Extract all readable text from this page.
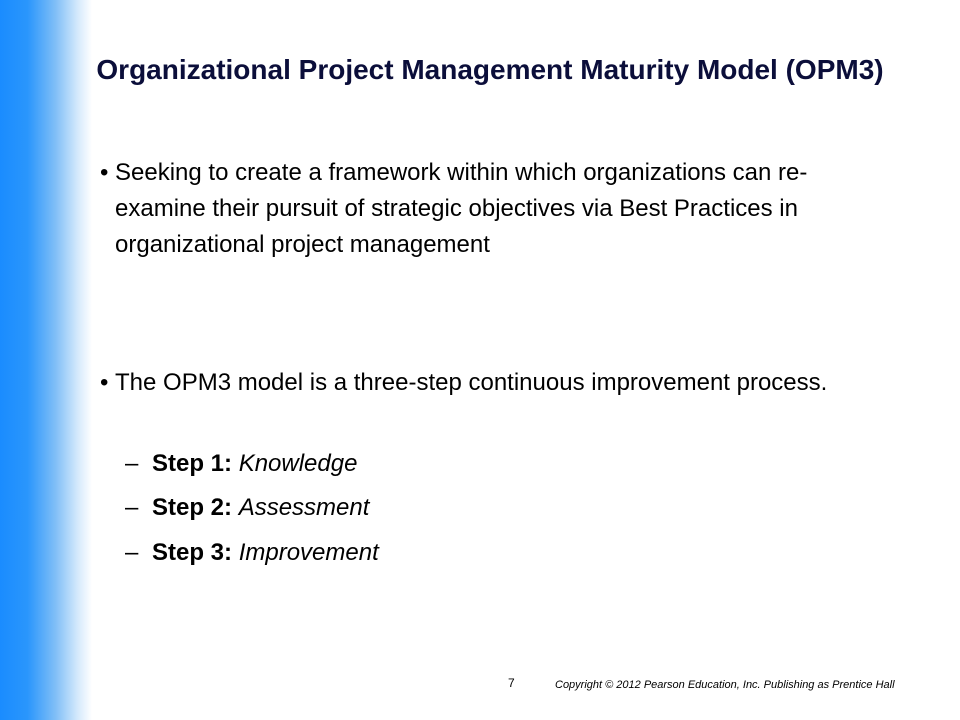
Organizational Project Management Maturity Model (OPM3)
• Seeking to create a framework within which organizations can re-examine their pursuit of strategic objectives via Best Practices in organizational project management
• The OPM3 model is a three-step continuous improvement process.
– Step 1: Knowledge
– Step 2: Assessment
– Step 3: Improvement
7	Copyright © 2012 Pearson Education, Inc. Publishing as Prentice Hall
